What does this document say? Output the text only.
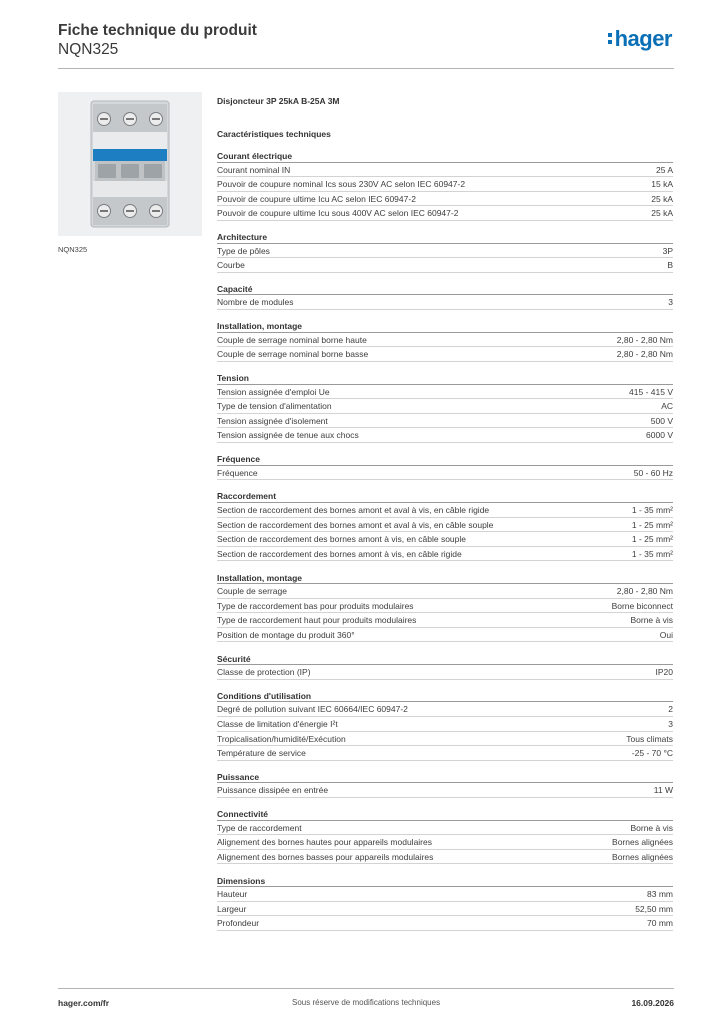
Fiche technique du produit
NQN325	hager
NQN325
Disjoncteur 3P 25kA B-25A 3M
Caractéristiques techniques
Courant électrique
Courant nominal IN	25 A
Pouvoir de coupure nominal Ics sous 230V AC selon IEC 60947-2	15 kA
Pouvoir de coupure ultime Icu AC selon IEC 60947-2	25 kA
Pouvoir de coupure ultime Icu sous 400V AC selon IEC 60947-2	25 kA
Architecture
Type de pôles	3P
Courbe	B
Capacité
Nombre de modules	3
Installation, montage
Couple de serrage nominal borne haute	2,80 - 2,80 Nm
Couple de serrage nominal borne basse	2,80 - 2,80 Nm
Tension
Tension assignée d'emploi Ue	415 - 415 V
Type de tension d'alimentation	AC
Tension assignée d'isolement	500 V
Tension assignée de tenue aux chocs	6000 V
Fréquence
Fréquence	50 - 60 Hz
Raccordement
Section de raccordement des bornes amont et aval à vis, en câble rigide	1 - 35 mm²
Section de raccordement des bornes amont et aval à vis, en câble souple	1 - 25 mm²
Section de raccordement des bornes amont à vis, en câble souple	1 - 25 mm²
Section de raccordement des bornes amont à vis, en câble rigide	1 - 35 mm²
Installation, montage
Couple de serrage	2,80 - 2,80 Nm
Type de raccordement bas pour produits modulaires	Borne biconnect
Type de raccordement haut pour produits modulaires	Borne à vis
Position de montage du produit 360°	Oui
Sécurité
Classe de protection (IP)	IP20
Conditions d'utilisation
Degré de pollution suivant IEC 60664/IEC 60947-2	2
Classe de limitation d'énergie I²t	3
Tropicalisation/humidité/Exécution	Tous climats
Température de service	-25 - 70 °C
Puissance
Puissance dissipée en entrée	11 W
Connectivité
Type de raccordement	Borne à vis
Alignement des bornes hautes pour appareils modulaires	Bornes alignées
Alignement des bornes basses pour appareils modulaires	Bornes alignées
Dimensions
Hauteur	83 mm
Largeur	52,50 mm
Profondeur	70 mm
hager.com/fr	Sous réserve de modifications techniques	16.09.2026
